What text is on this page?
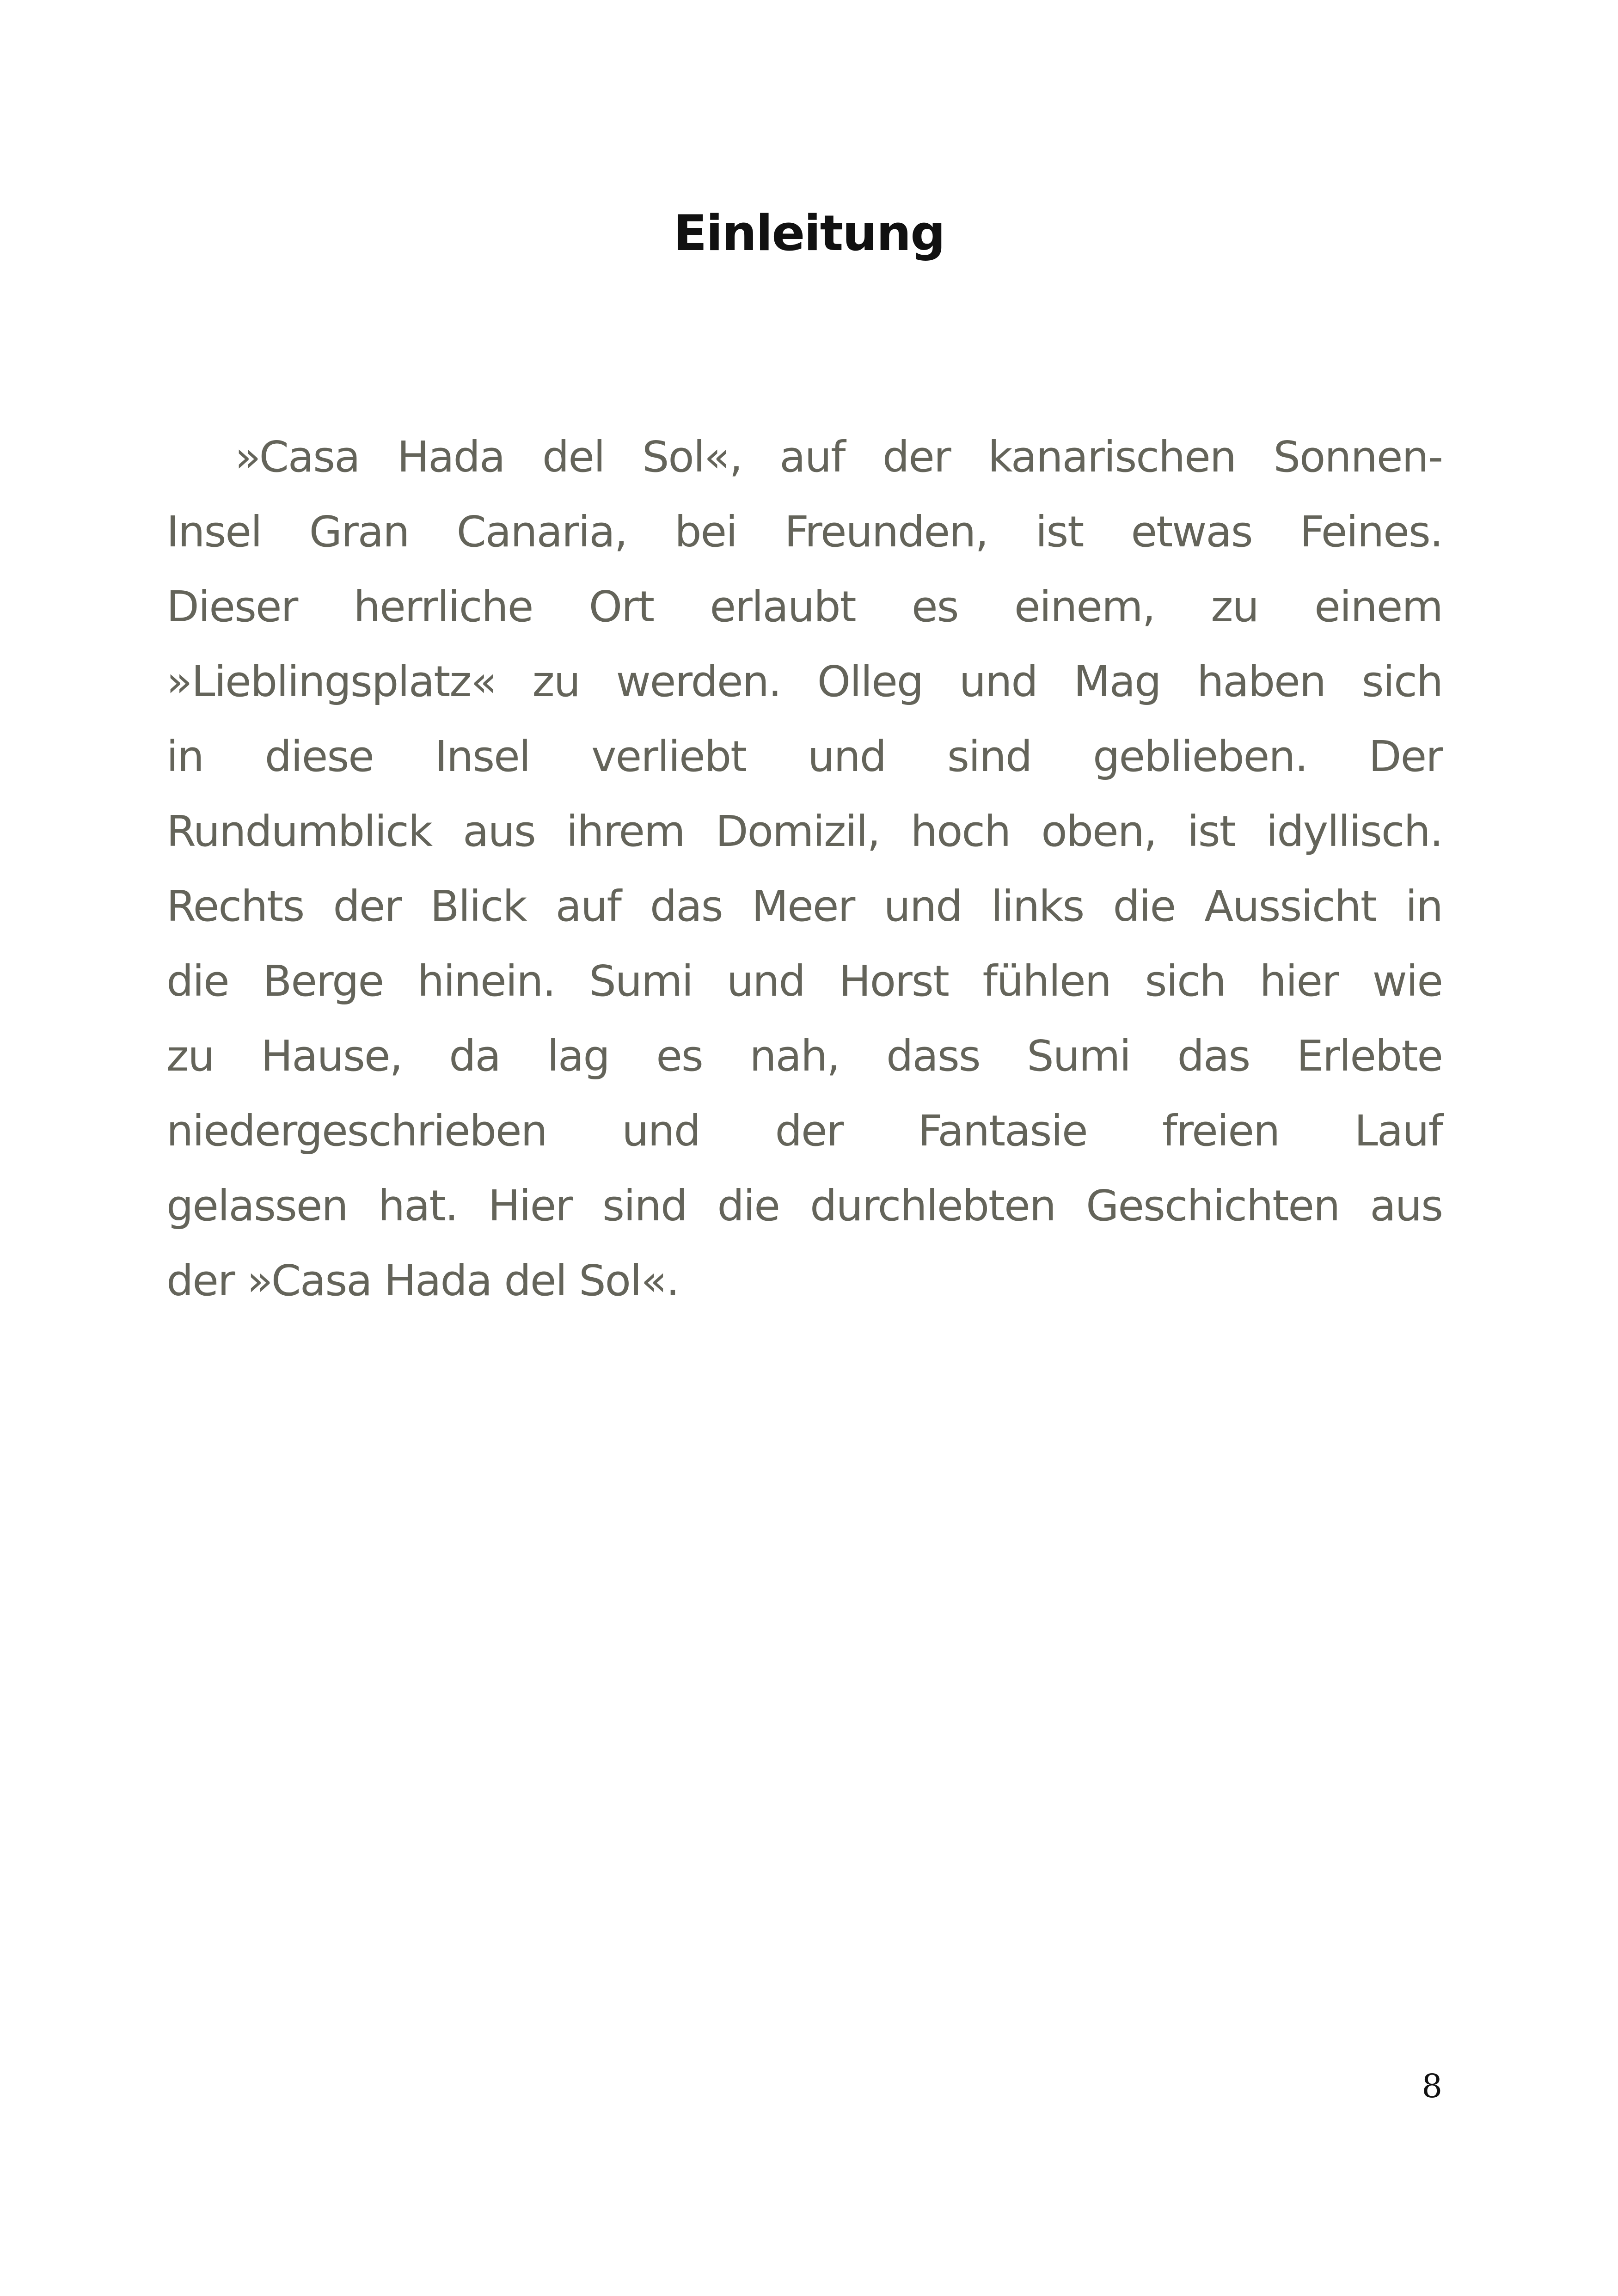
Einleitung

»Casa Hada del Sol«, auf der kanarischen Sonnen-
Insel Gran Canaria, bei Freunden, ist etwas Feines.
Dieser herrliche Ort erlaubt es einem, zu einem
»Lieblingsplatz« zu werden. Olleg und Mag haben sich
in diese Insel verliebt und sind geblieben. Der
Rundumblick aus ihrem Domizil, hoch oben, ist idyllisch.
Rechts der Blick auf das Meer und links die Aussicht in
die Berge hinein. Sumi und Horst fühlen sich hier wie
zu Hause, da lag es nah, dass Sumi das Erlebte
niedergeschrieben und der Fantasie freien Lauf
gelassen hat. Hier sind die durchlebten Geschichten aus
der »Casa Hada del Sol«.

8
